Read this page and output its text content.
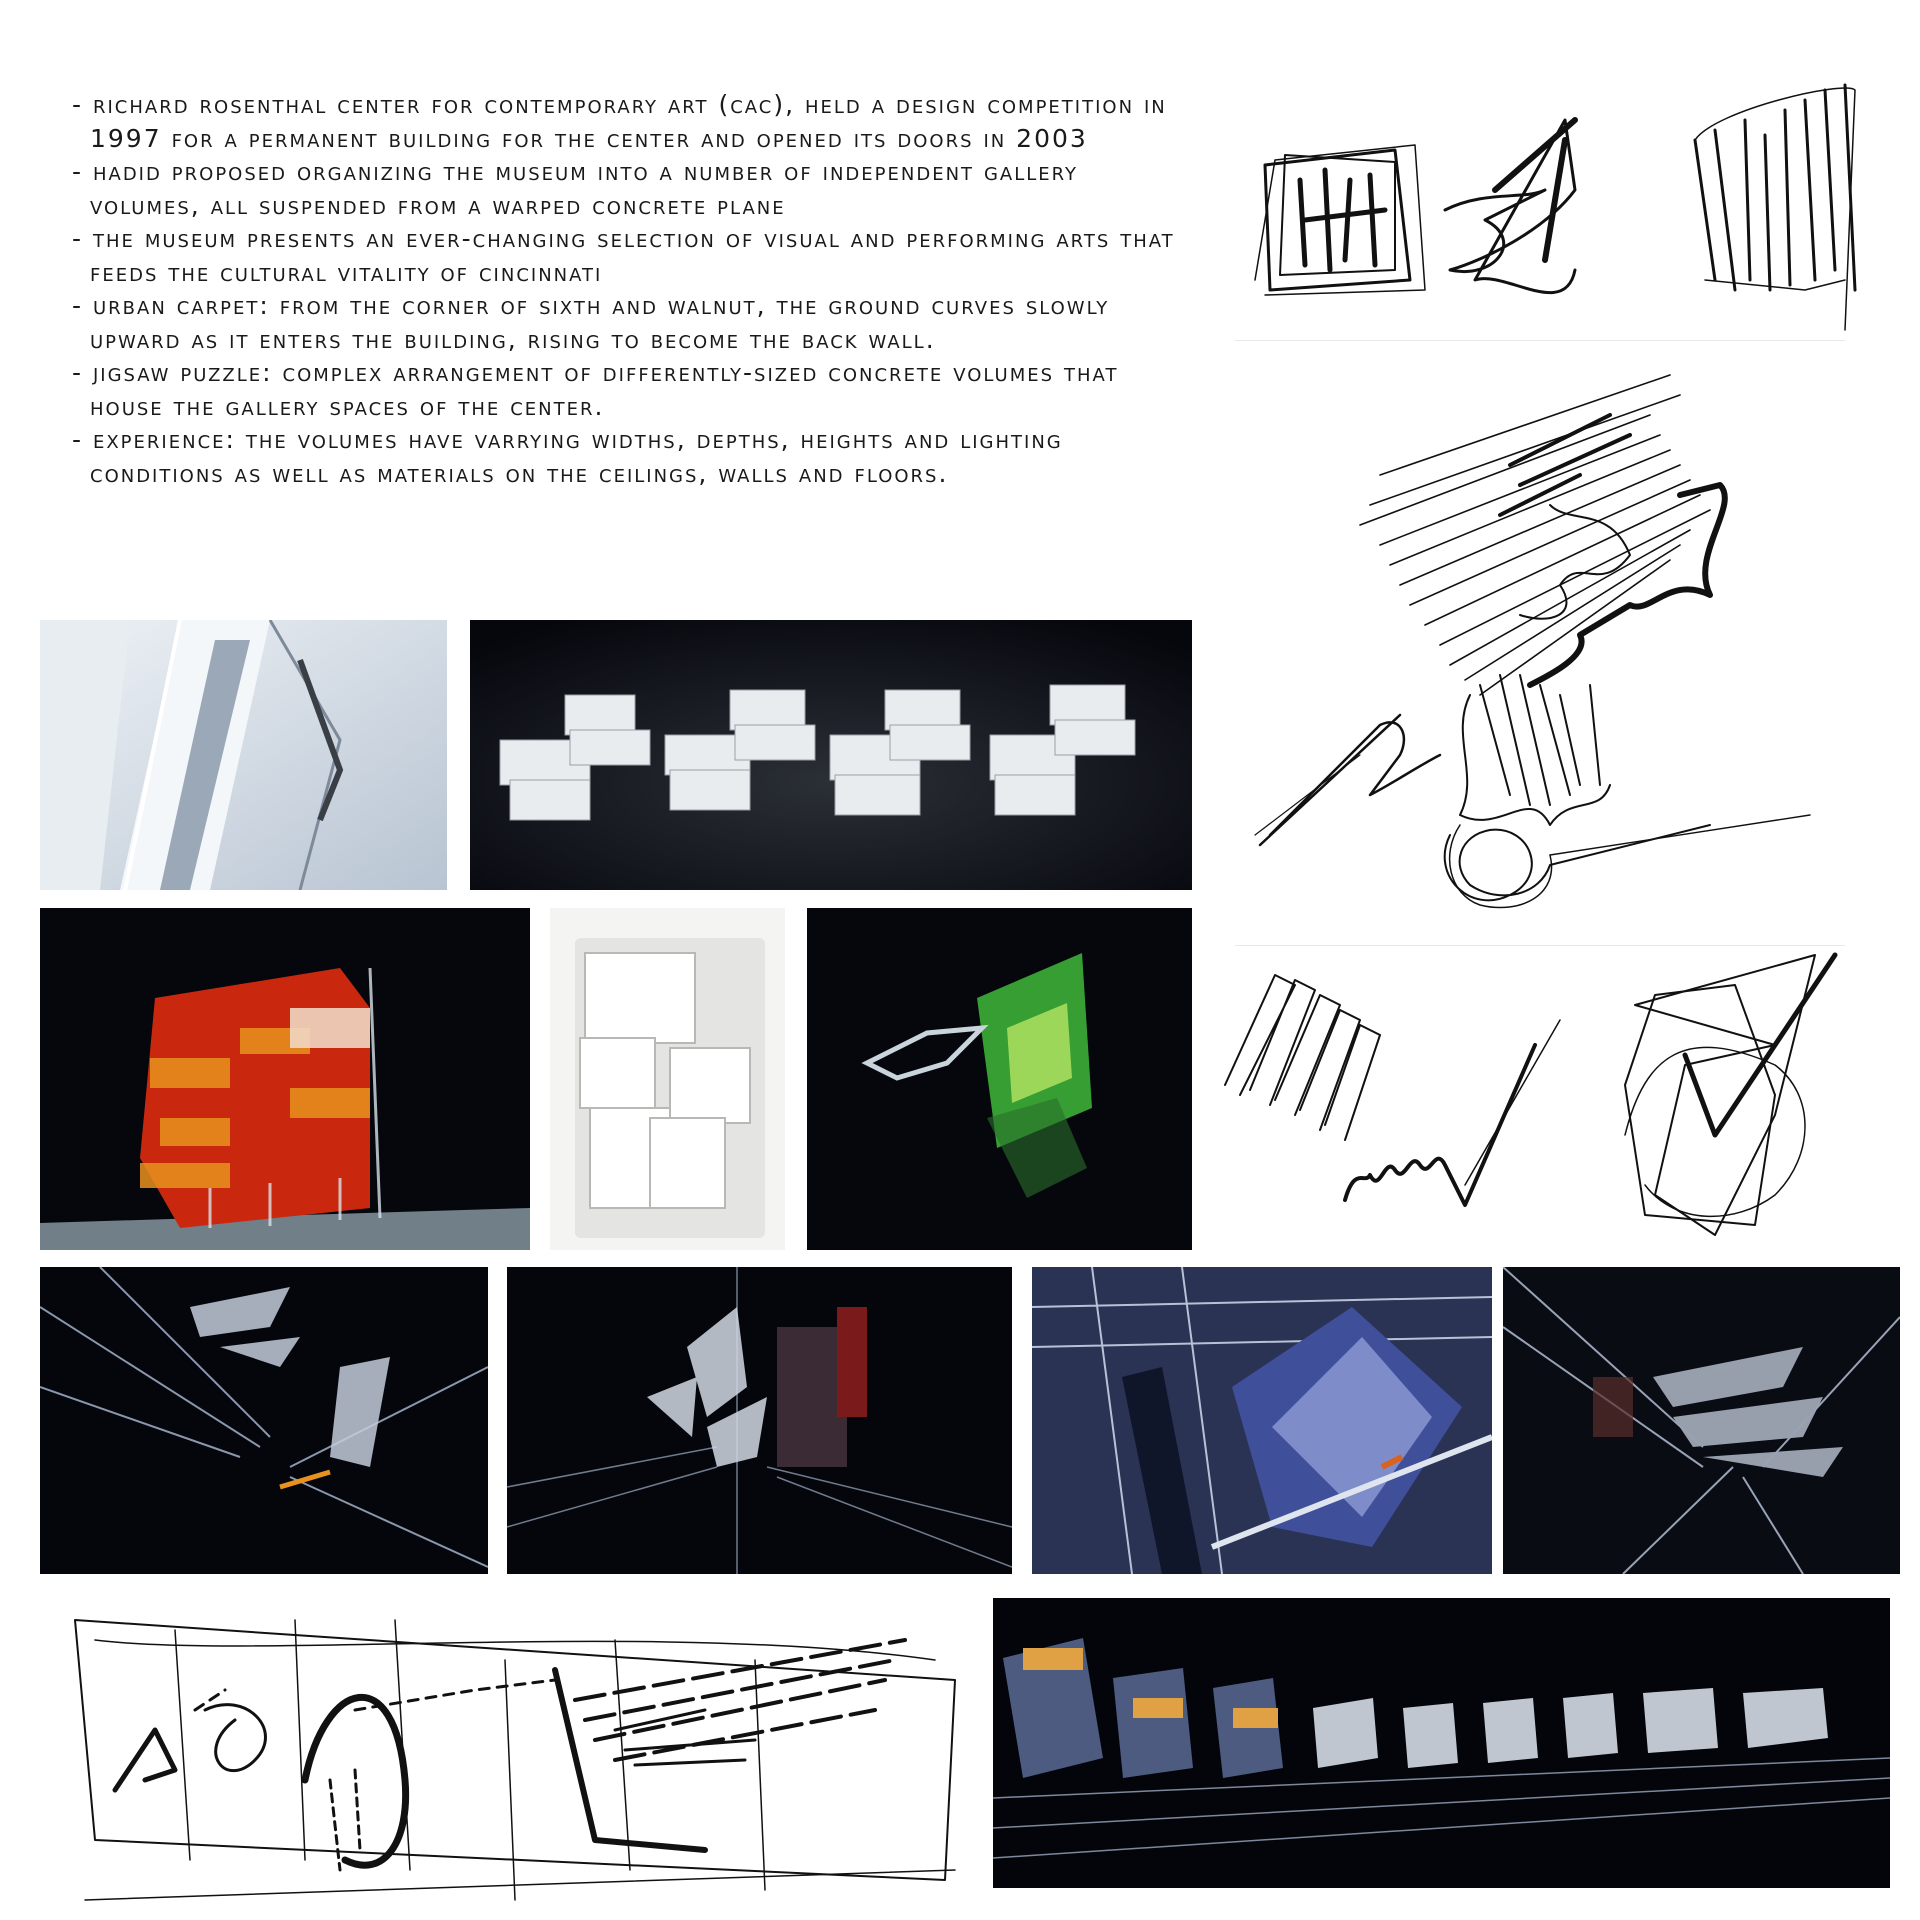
- richard rosenthal center for contemporary art (cac), held a design competition in 1997 for a permanent building for the center and opened its doors in 2003
- hadid proposed organizing the museum into a number of independent gallery volumes, all suspended from a warped concrete plane
- the museum presents an ever-changing selection of visual and performing arts that feeds the cultural vitality of cincinnati
- urban carpet: from the corner of sixth and walnut, the ground curves slowly upward as it enters the building, rising to become the back wall.
- jigsaw puzzle: complex arrangement of differently-sized concrete volumes that house the gallery spaces of the center.
- experience: the volumes have varrying widths, depths, heights and lighting conditions as well as materials on the ceilings, walls and floors.
